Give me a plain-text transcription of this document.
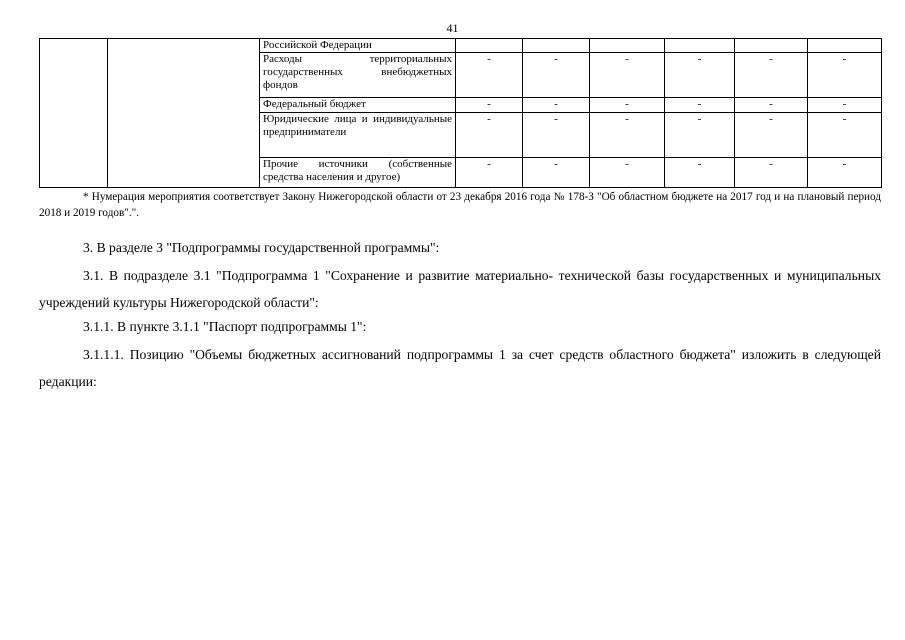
41
		Российской Федерации						
		Расходы территориальных государственных внебюджетных фондов	-	-	-	-	-	-
		Федеральный бюджет	-	-	-	-	-	-
		Юридические лица и индивидуальные предприниматели	-	-	-	-	-	-
		Прочие источники (собственные средства населения и другое)	-	-	-	-	-	-

* Нумерация мероприятия соответствует Закону Нижегородской области от 23 декабря 2016 года № 178-З "Об областном бюджете на 2017 год и на плановый период 2018 и 2019 годов".".

3. В разделе 3 "Подпрограммы государственной программы":

3.1. В подразделе 3.1 "Подпрограмма 1 "Сохранение и развитие материально- технической базы государственных и муниципальных учреждений культуры Нижегородской области":

3.1.1. В пункте 3.1.1 "Паспорт подпрограммы 1":

3.1.1.1. Позицию "Объемы бюджетных ассигнований подпрограммы 1 за счет средств областного бюджета" изложить в следующей редакции:
